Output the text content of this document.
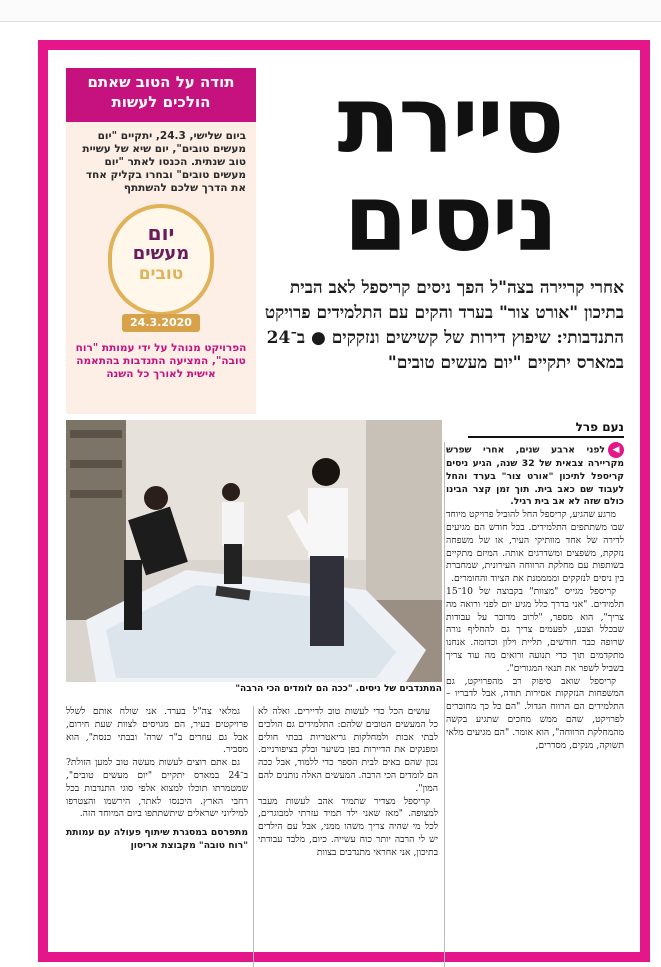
סיירת
ניסים
אחרי קריירה בצה"ל הפך ניסים קריספל לאב הבית בתיכון "אורט צור" בערד והקים עם התלמידים פרויקט התנדבותי: שיפוץ דירות של קשישים ונזקקים ● ב־24 במארס יתקיים "יום מעשים טובים"
תודה על הטוב שאתם הולכים לעשות
ביום שלישי, 24.3, יתקיים "יום מעשים טובים", יום שיא של עשיית טוב שנתית. הכנסו לאתר "יום מעשים טובים" ובחרו בקליק אחד את הדרך שלכם להשתתף
יום
מעשים
טובים
24.3.2020
הפרויקט מנוהל על ידי עמותת "רוח טובה", המציעה התנדבות בהתאמה אישית לאורך כל השנה
נעם פרל
המתנדבים של ניסים. "ככה הם לומדים הכי הרבה"

◀לפני ארבע שנים, אחרי שפרש מקריירה צבאית של 32 שנה, הגיע ניסים קריספל לתיכון "אורט צור" בערד והחל לעבוד שם כאב בית. תוך זמן קצר הבינו כולם שזה לא אב בית רגיל.

מרגע שהגיע, קריספל החל להוביל פרויקט מיוחד שבו משתתפים התלמידים. בכל חודש הם מגיעים לדירה של אחד מוותיקי העיר, או של משפחה נזקקת, משפצים ומשדרגים אותה. המיזם מתקיים בשותפות עם מחלקת הרווחה העירונית, שמחברת בין ניסים לנזקקים וממממנת את הציוד והחומרים.

קריספל מגייס "מצוות" בקבוצה של 10־15 תלמידים. "אני בדרך כלל מגיע יום לפני ורואה מה צריך", הוא מספר, "לרוב מדובר על עבודות שבכלל וצבע, לפעמים צריך גם להחליף נורה שרופה כבר חודשים, תליית וילון וכדומה. אנחנו מתקדמים תוך כדי תנועה ורואים מה עוד צריך בשביל לשפר את תנאי המגורים".

קריספל שואב סיפוק רב מהפרויקט, גם המשפחות הנזקקות אסירות תודה, אבל לדבריו – התלמידים הם הרווח הגדול. "הם כל כך מחוברים לפרויקט, שהם ממש מחכים שתגיע בקשה מהמחלקת הרווחה", הוא אומר. "הם מגיעים מלאי תשוקה, מנקים, מסדרים,

עושים הכל כדי לעשות טוב לדיירים. ואלה לא כל המעשים הטובים שלהם: התלמידים גם הולכים לבתי אבות ולמחלקות גריאטריות בבתי חולים ומפנקים את הדיירות בפן בשיער ובלק בציפורניים. נכון שהם באים לבית הספר כדי ללמוד, אבל ככה הם לומדים הכי הרבה. המעשים האלה נותנים להם המון".

קריספל מצדיר שתמיד אהב לעשות מעבר למצופה. "מאז שאני ילד תמיד עזרתי למבוגרים, לכל מי שהיה צריך משהו ממני, אבל עם הילדים יש לי הרבה יותר כוח עשייה. כיום, מלבד עבודתי בתיכון, אני אחראי מתנדבים בצוות

גמלאי צה"ל בערד. אני שולח אותם לשלל פרויקטים בעיר, הם מגויסים לצוות שעת חירום, אבל גם עוזרים ב"ר שרה' ובבתי כנסת", הוא מסביר.

גם אתם רוצים לעשות מעשה טוב למען הזולת? ב־24 במארס יתקיים "יום מעשים טובים", שמטמרתו תוכלו למצוא אלפי סוגי התנדבות בכל רחבי הארץ. היכנסו לאתר, הירשמו והצטרפו למיליוני ישראלים שיתשתתפו ביום המיוחד הזה.

מתפרסם במסגרת שיתוף פעולה עם עמותת "רוח טובה" מקבוצת אריסון
